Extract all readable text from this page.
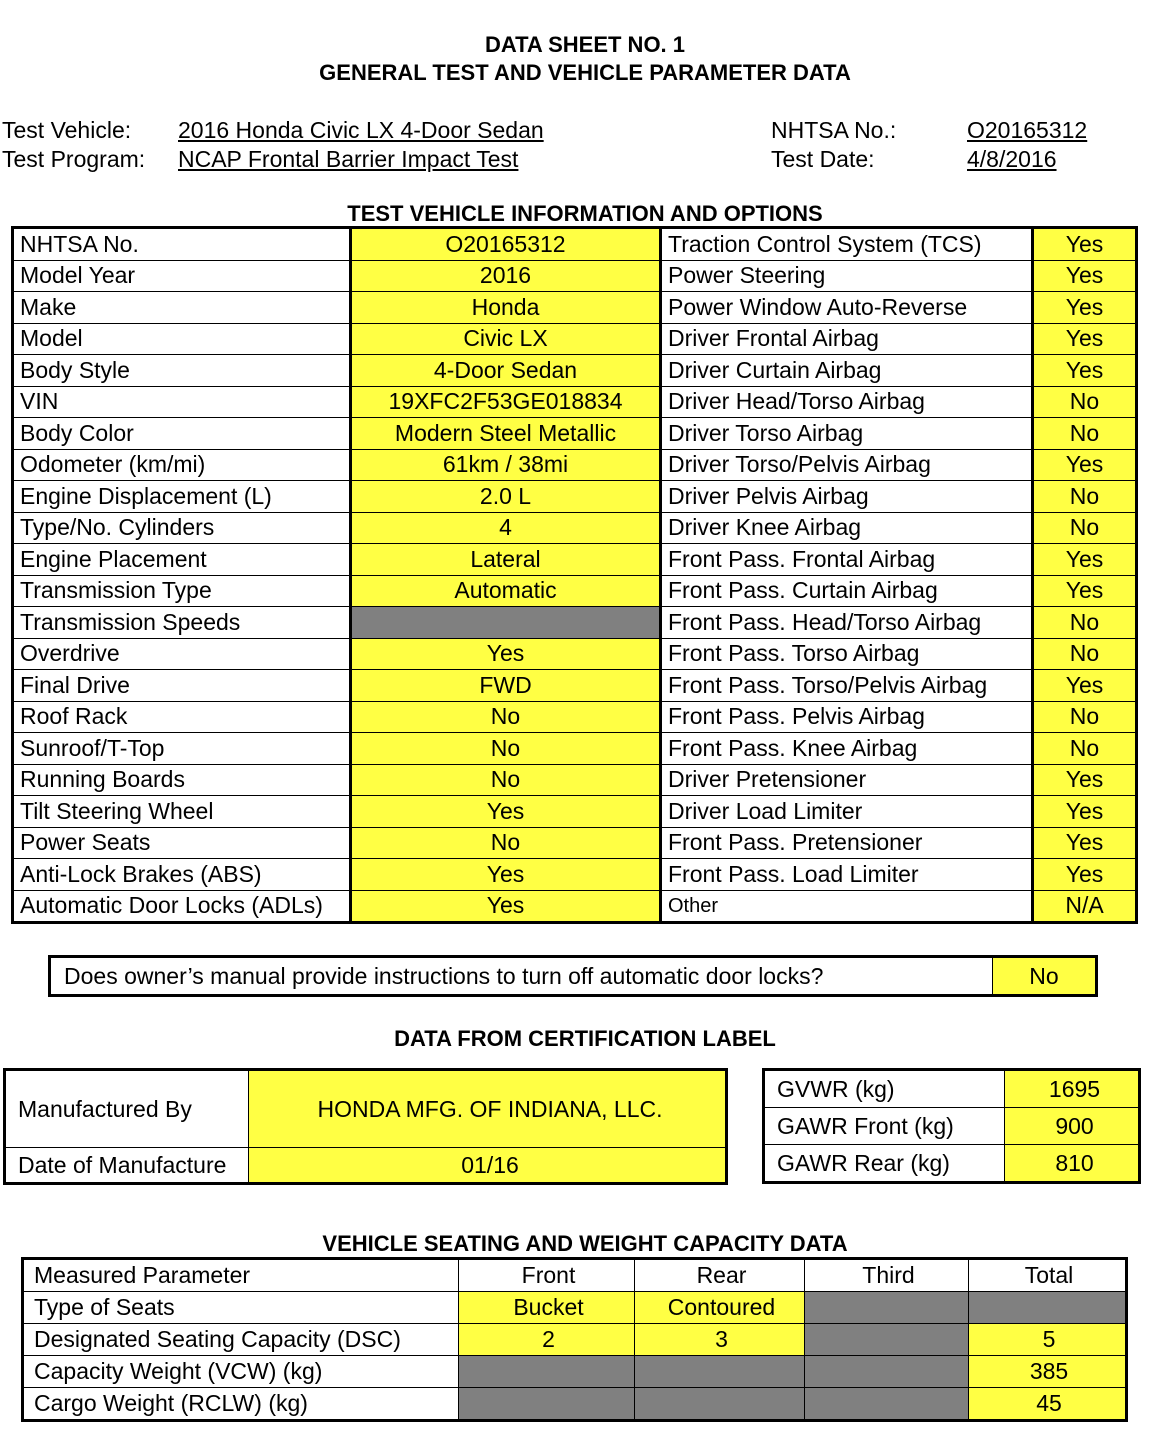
DATA SHEET NO. 1
GENERAL TEST AND VEHICLE PARAMETER DATA
Test Vehicle: 2016 Honda Civic LX 4-Door Sedan
Test Program: NCAP Frontal Barrier Impact Test
NHTSA No.:	O20165312
Test Date:	4/8/2016
TEST VEHICLE INFORMATION AND OPTIONS
NHTSA No.	O20165312	Traction Control System (TCS)	Yes
Model Year	2016	Power Steering	Yes
Make	Honda	Power Window Auto-Reverse	Yes
Model	Civic LX	Driver Frontal Airbag	Yes
Body Style	4-Door Sedan	Driver Curtain Airbag	Yes
VIN	19XFC2F53GE018834	Driver Head/Torso Airbag	No
Body Color	Modern Steel Metallic	Driver Torso Airbag	No
Odometer (km/mi)	61km / 38mi	Driver Torso/Pelvis Airbag	Yes
Engine Displacement (L)	2.0 L	Driver Pelvis Airbag	No
Type/No. Cylinders	4	Driver Knee Airbag	No
Engine Placement	Lateral	Front Pass. Frontal Airbag	Yes
Transmission Type	Automatic	Front Pass. Curtain Airbag	Yes
Transmission Speeds		Front Pass. Head/Torso Airbag	No
Overdrive	Yes	Front Pass. Torso Airbag	No
Final Drive	FWD	Front Pass. Torso/Pelvis Airbag	Yes
Roof Rack	No	Front Pass. Pelvis Airbag	No
Sunroof/T-Top	No	Front Pass. Knee Airbag	No
Running Boards	No	Driver Pretensioner	Yes
Tilt Steering Wheel	Yes	Driver Load Limiter	Yes
Power Seats	No	Front Pass. Pretensioner	Yes
Anti-Lock Brakes (ABS)	Yes	Front Pass. Load Limiter	Yes
Automatic Door Locks (ADLs)	Yes	Other	N/A
Does owner’s manual provide instructions to turn off automatic door locks?	No
DATA FROM CERTIFICATION LABEL
Manufactured By	HONDA MFG. OF INDIANA, LLC.
Date of Manufacture	01/16
GVWR (kg)	1695
GAWR Front (kg)	900
GAWR Rear (kg)	810
VEHICLE SEATING AND WEIGHT CAPACITY DATA
Measured Parameter	Front	Rear	Third	Total
Type of Seats	Bucket	Contoured		
Designated Seating Capacity (DSC)	2	3		5
Capacity Weight (VCW) (kg)				385
Cargo Weight (RCLW) (kg)				45
